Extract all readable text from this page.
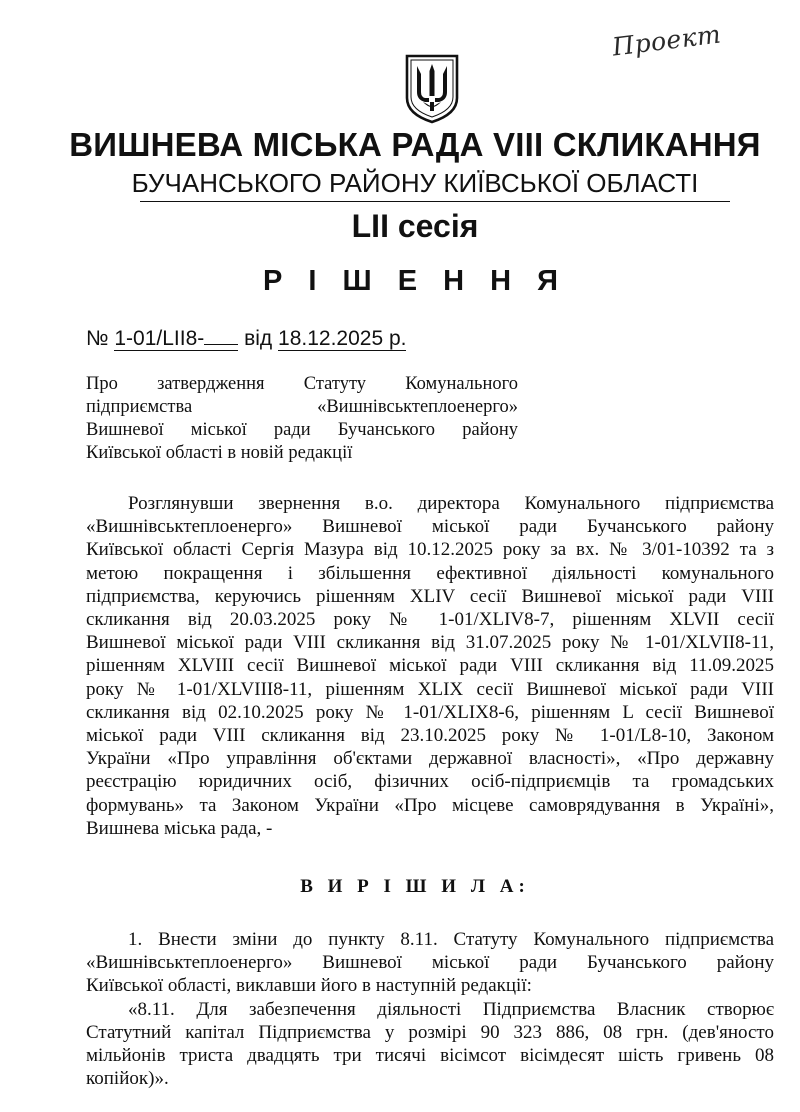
Проект
ВИШНЕВА МІСЬКА РАДА VIII СКЛИКАННЯ
БУЧАНСЬКОГО РАЙОНУ КИЇВСЬКОЇ ОБЛАСТІ
LII сесія
Р І Ш Е Н Н Я
№ 1-01/LII8- від 18.12.2025 р.
Про затвердження Статуту Комунального
підприємства «Вишнівськтеплоенерго»
Вишневої міської ради Бучанського району
Київської області в новій редакції
Розглянувши звернення в.о. директора Комунального підприємства
«Вишнівськтеплоенерго» Вишневої міської ради Бучанського району
Київської області Сергія Мазура від 10.12.2025 року за вх. № 3/01-10392 та з
метою покращення і збільшення ефективної діяльності комунального
підприємства, керуючись рішенням XLIV сесії Вишневої міської ради VIII
скликання від 20.03.2025 року № 1-01/XLIV8-7, рішенням XLVII сесії
Вишневої міської ради VIII скликання від 31.07.2025 року № 1-01/XLVII8-11,
рішенням XLVIII сесії Вишневої міської ради VIII скликання від 11.09.2025
року № 1-01/XLVIII8-11, рішенням XLIX сесії Вишневої міської ради VIII
скликання від 02.10.2025 року № 1-01/XLIX8-6, рішенням L сесії Вишневої
міської ради VIII скликання від 23.10.2025 року № 1-01/L8-10, Законом
України «Про управління об'єктами державної власності», «Про державну
реєстрацію юридичних осіб, фізичних осіб-підприємців та громадських
формувань» та Законом України «Про місцеве самоврядування в Україні»,
Вишнева міська рада, -
В И Р І Ш И Л А:
1. Внести зміни до пункту 8.11. Статуту Комунального підприємства
«Вишнівськтеплоенерго» Вишневої міської ради Бучанського району
Київської області, виклавши його в наступній редакції:
«8.11. Для забезпечення діяльності Підприємства Власник створює
Статутний капітал Підприємства у розмірі 90 323 886, 08 грн. (дев'яносто
мільйонів триста двадцять три тисячі вісімсот вісімдесят шість гривень 08
копійок)».
